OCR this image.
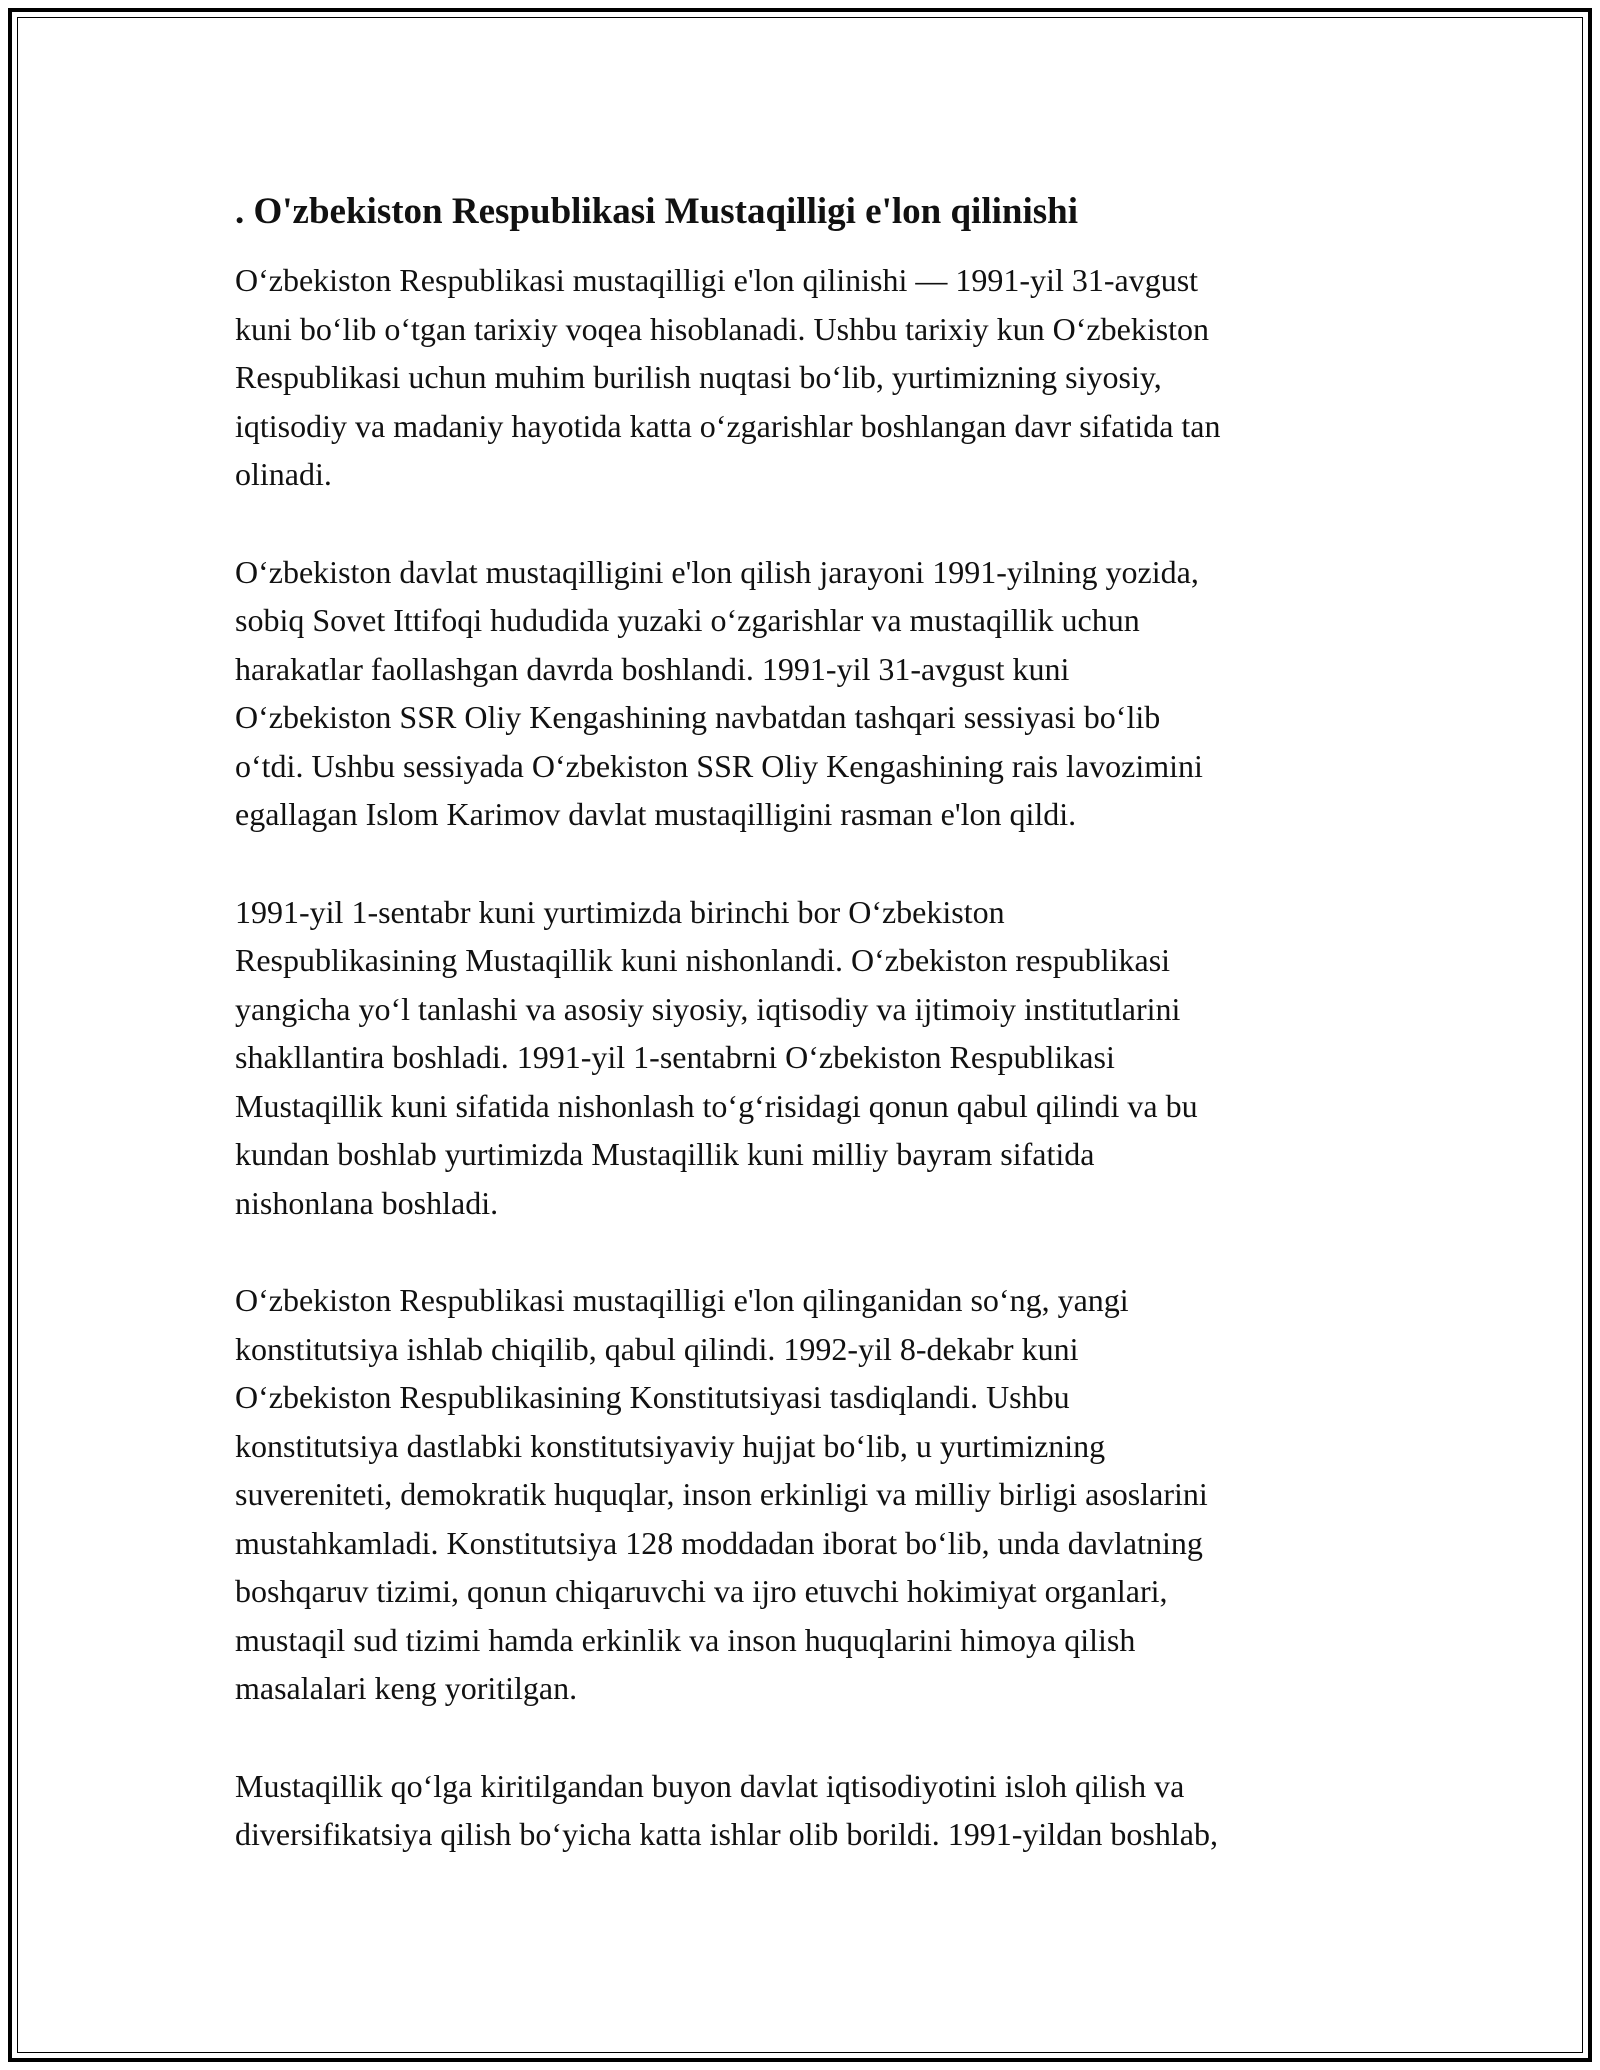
. O'zbekiston Respublikasi Mustaqilligi e'lon qilinishi

O‘zbekiston Respublikasi mustaqilligi e'lon qilinishi — 1991-yil 31-avgust
kuni bo‘lib o‘tgan tarixiy voqea hisoblanadi. Ushbu tarixiy kun O‘zbekiston
Respublikasi uchun muhim burilish nuqtasi bo‘lib, yurtimizning siyosiy,
iqtisodiy va madaniy hayotida katta o‘zgarishlar boshlangan davr sifatida tan
olinadi.

O‘zbekiston davlat mustaqilligini e'lon qilish jarayoni 1991-yilning yozida,
sobiq Sovet Ittifoqi hududida yuzaki o‘zgarishlar va mustaqillik uchun
harakatlar faollashgan davrda boshlandi. 1991-yil 31-avgust kuni
O‘zbekiston SSR Oliy Kengashining navbatdan tashqari sessiyasi bo‘lib
o‘tdi. Ushbu sessiyada O‘zbekiston SSR Oliy Kengashining rais lavozimini
egallagan Islom Karimov davlat mustaqilligini rasman e'lon qildi.

1991-yil 1-sentabr kuni yurtimizda birinchi bor O‘zbekiston
Respublikasining Mustaqillik kuni nishonlandi. O‘zbekiston respublikasi
yangicha yo‘l tanlashi va asosiy siyosiy, iqtisodiy va ijtimoiy institutlarini
shakllantira boshladi. 1991-yil 1-sentabrni O‘zbekiston Respublikasi
Mustaqillik kuni sifatida nishonlash to‘g‘risidagi qonun qabul qilindi va bu
kundan boshlab yurtimizda Mustaqillik kuni milliy bayram sifatida
nishonlana boshladi.

O‘zbekiston Respublikasi mustaqilligi e'lon qilinganidan so‘ng, yangi
konstitutsiya ishlab chiqilib, qabul qilindi. 1992-yil 8-dekabr kuni
O‘zbekiston Respublikasining Konstitutsiyasi tasdiqlandi. Ushbu
konstitutsiya dastlabki konstitutsiyaviy hujjat bo‘lib, u yurtimizning
suvereniteti, demokratik huquqlar, inson erkinligi va milliy birligi asoslarini
mustahkamladi. Konstitutsiya 128 moddadan iborat bo‘lib, unda davlatning
boshqaruv tizimi, qonun chiqaruvchi va ijro etuvchi hokimiyat organlari,
mustaqil sud tizimi hamda erkinlik va inson huquqlarini himoya qilish
masalalari keng yoritilgan.

Mustaqillik qo‘lga kiritilgandan buyon davlat iqtisodiyotini isloh qilish va
diversifikatsiya qilish bo‘yicha katta ishlar olib borildi. 1991-yildan boshlab,
